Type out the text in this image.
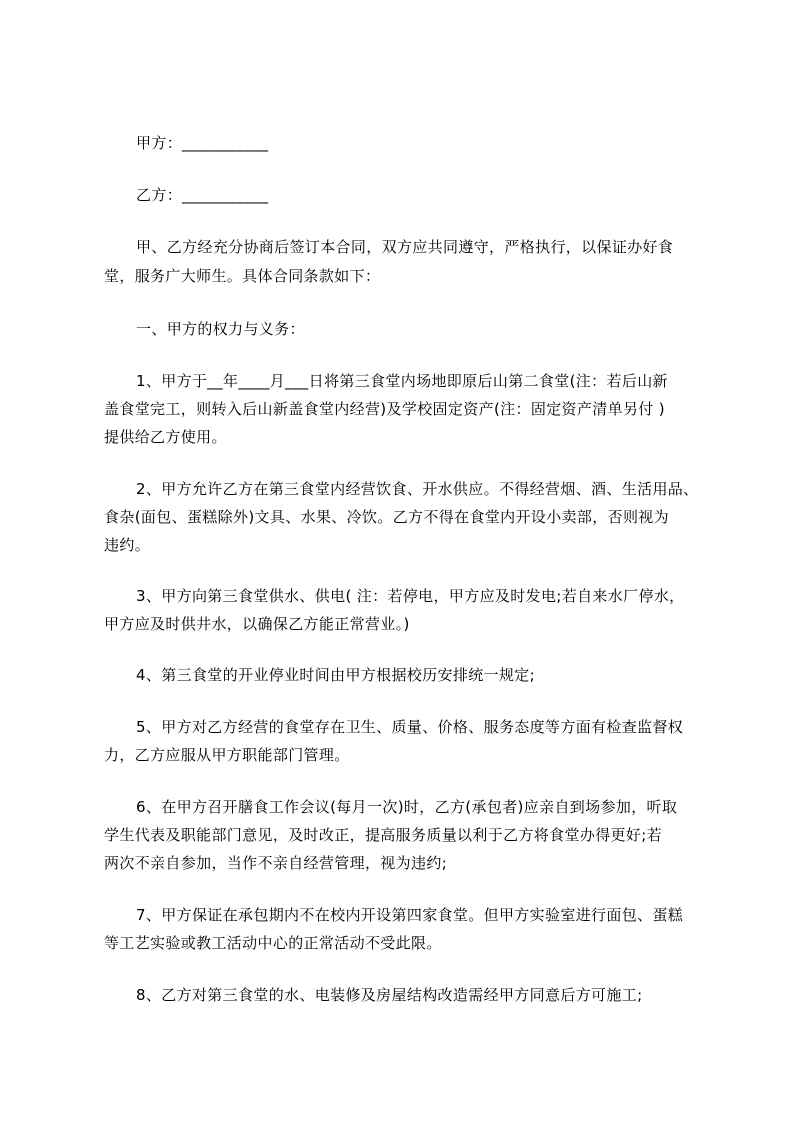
甲方：___________
乙方：___________
甲、乙方经充分协商后签订本合同，双方应共同遵守，严格执行，以保证办好食
堂，服务广大师生。具体合同条款如下：
一、甲方的权力与义务：
1、甲方于__年____月___日将第三食堂内场地即原后山第二食堂(注：若后山新
盖食堂完工，则转入后山新盖食堂内经营)及学校固定资产(注：固定资产清单另付 )
提供给乙方使用。
2、甲方允许乙方在第三食堂内经营饮食、开水供应。不得经营烟、酒、生活用品、
食杂(面包、蛋糕除外)文具、水果、冷饮。乙方不得在食堂内开设小卖部，否则视为
违约。
3、甲方向第三食堂供水、供电( 注：若停电，甲方应及时发电;若自来水厂停水，
甲方应及时供井水，以确保乙方能正常营业。)
4、第三食堂的开业停业时间由甲方根据校历安排统一规定;
5、甲方对乙方经营的食堂存在卫生、质量、价格、服务态度等方面有检查监督权
力，乙方应服从甲方职能部门管理。
6、在甲方召开膳食工作会议(每月一次)时，乙方(承包者)应亲自到场参加，听取
学生代表及职能部门意见，及时改正，提高服务质量以利于乙方将食堂办得更好;若
两次不亲自参加，当作不亲自经营管理，视为违约;
7、甲方保证在承包期内不在校内开设第四家食堂。但甲方实验室进行面包、蛋糕
等工艺实验或教工活动中心的正常活动不受此限。
8、乙方对第三食堂的水、电装修及房屋结构改造需经甲方同意后方可施工;
